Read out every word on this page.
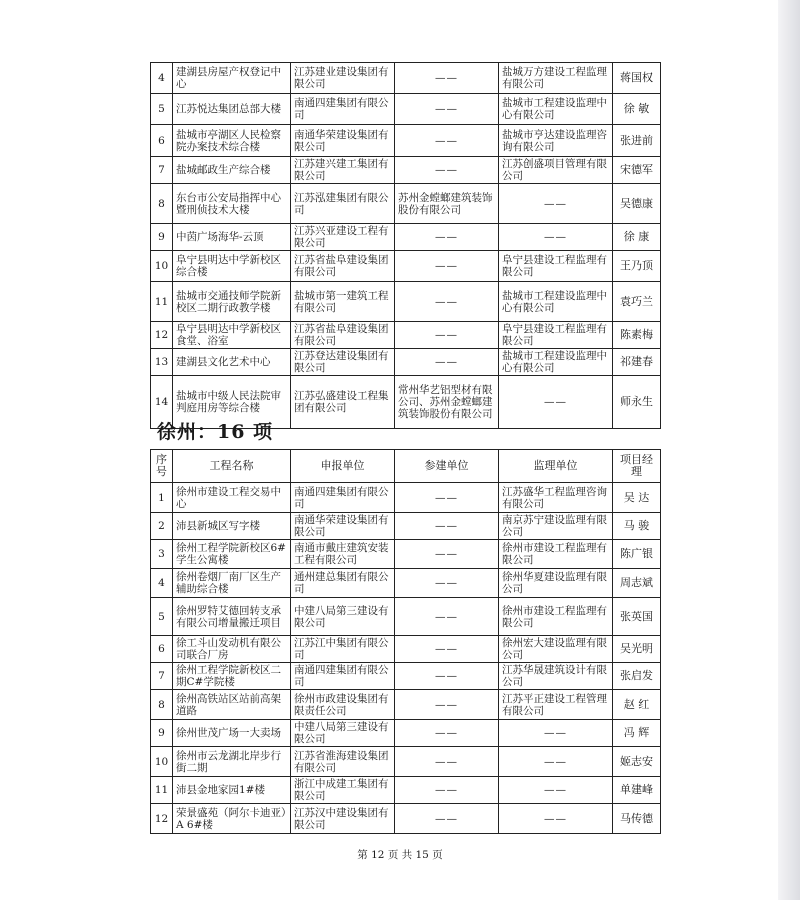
4	建湖县房屋产权登记中心	江苏建业建设集团有限公司	——	盐城万方建设工程监理有限公司	蒋国权
5	江苏悦达集团总部大楼	南通四建集团有限公司	——	盐城市工程建设监理中心有限公司	徐 敏
6	盐城市亭湖区人民检察院办案技术综合楼	南通华荣建设集团有限公司	——	盐城市亨达建设监理咨询有限公司	张进前
7	盐城邮政生产综合楼	江苏建兴建工集团有限公司	——	江苏创盛项目管理有限公司	宋德军
8	东台市公安局指挥中心暨刑侦技术大楼	江苏泓建集团有限公司	苏州金螳螂建筑装饰股份有限公司	——	吴德康
9	中茵广场海华-云顶	江苏兴亚建设工程有限公司	——	——	徐 康
10	阜宁县明达中学新校区综合楼	江苏省盐阜建设集团有限公司	——	阜宁县建设工程监理有限公司	王乃顶
11	盐城市交通技师学院新校区二期行政教学楼	盐城市第一建筑工程有限公司	——	盐城市工程建设监理中心有限公司	袁巧兰
12	阜宁县明达中学新校区食堂、浴室	江苏省盐阜建设集团有限公司	——	阜宁县建设工程监理有限公司	陈素梅
13	建湖县文化艺术中心	江苏登达建设集团有限公司	——	盐城市工程建设监理中心有限公司	祁建春
14	盐城市中级人民法院审判庭用房等综合楼	江苏弘盛建设工程集团有限公司	常州华艺铝型材有限公司、苏州金螳螂建筑装饰股份有限公司	——	师永生
徐州：16 项
序号	工程名称	申报单位	参建单位	监理单位	项目经理
1	徐州市建设工程交易中心	南通四建集团有限公司	——	江苏盛华工程监理咨询有限公司	吴 达
2	沛县新城区写字楼	南通华荣建设集团有限公司	——	南京苏宁建设监理有限公司	马 骏
3	徐州工程学院新校区6#学生公寓楼	南通市戴庄建筑安装工程有限公司	——	徐州市建设工程监理有限公司	陈广银
4	徐州卷烟厂南厂区生产辅助综合楼	通州建总集团有限公司	——	徐州华夏建设监理有限公司	周志斌
5	徐州罗特艾德回转支承有限公司增量搬迁项目	中建八局第三建设有限公司	——	徐州市建设工程监理有限公司	张英国
6	徐工斗山发动机有限公司联合厂房	江苏江中集团有限公司	——	徐州宏大建设监理有限公司	吴光明
7	徐州工程学院新校区二期C#学院楼	南通四建集团有限公司	——	江苏华晟建筑设计有限公司	张启发
8	徐州高铁站区站前高架道路	徐州市政建设集团有限责任公司	——	江苏平正建设工程管理有限公司	赵 红
9	徐州世茂广场一大卖场	中建八局第三建设有限公司	——	——	冯 辉
10	徐州市云龙湖北岸步行街二期	江苏省淮海建设集团有限公司	——	——	姬志安
11	沛县金地家园1#楼	浙江中成建工集团有限公司	——	——	单建峰
12	荣景盛苑（阿尔卡迪亚）A 6#楼	江苏汉中建设集团有限公司	——	——	马传德
第 12 页 共 15 页
